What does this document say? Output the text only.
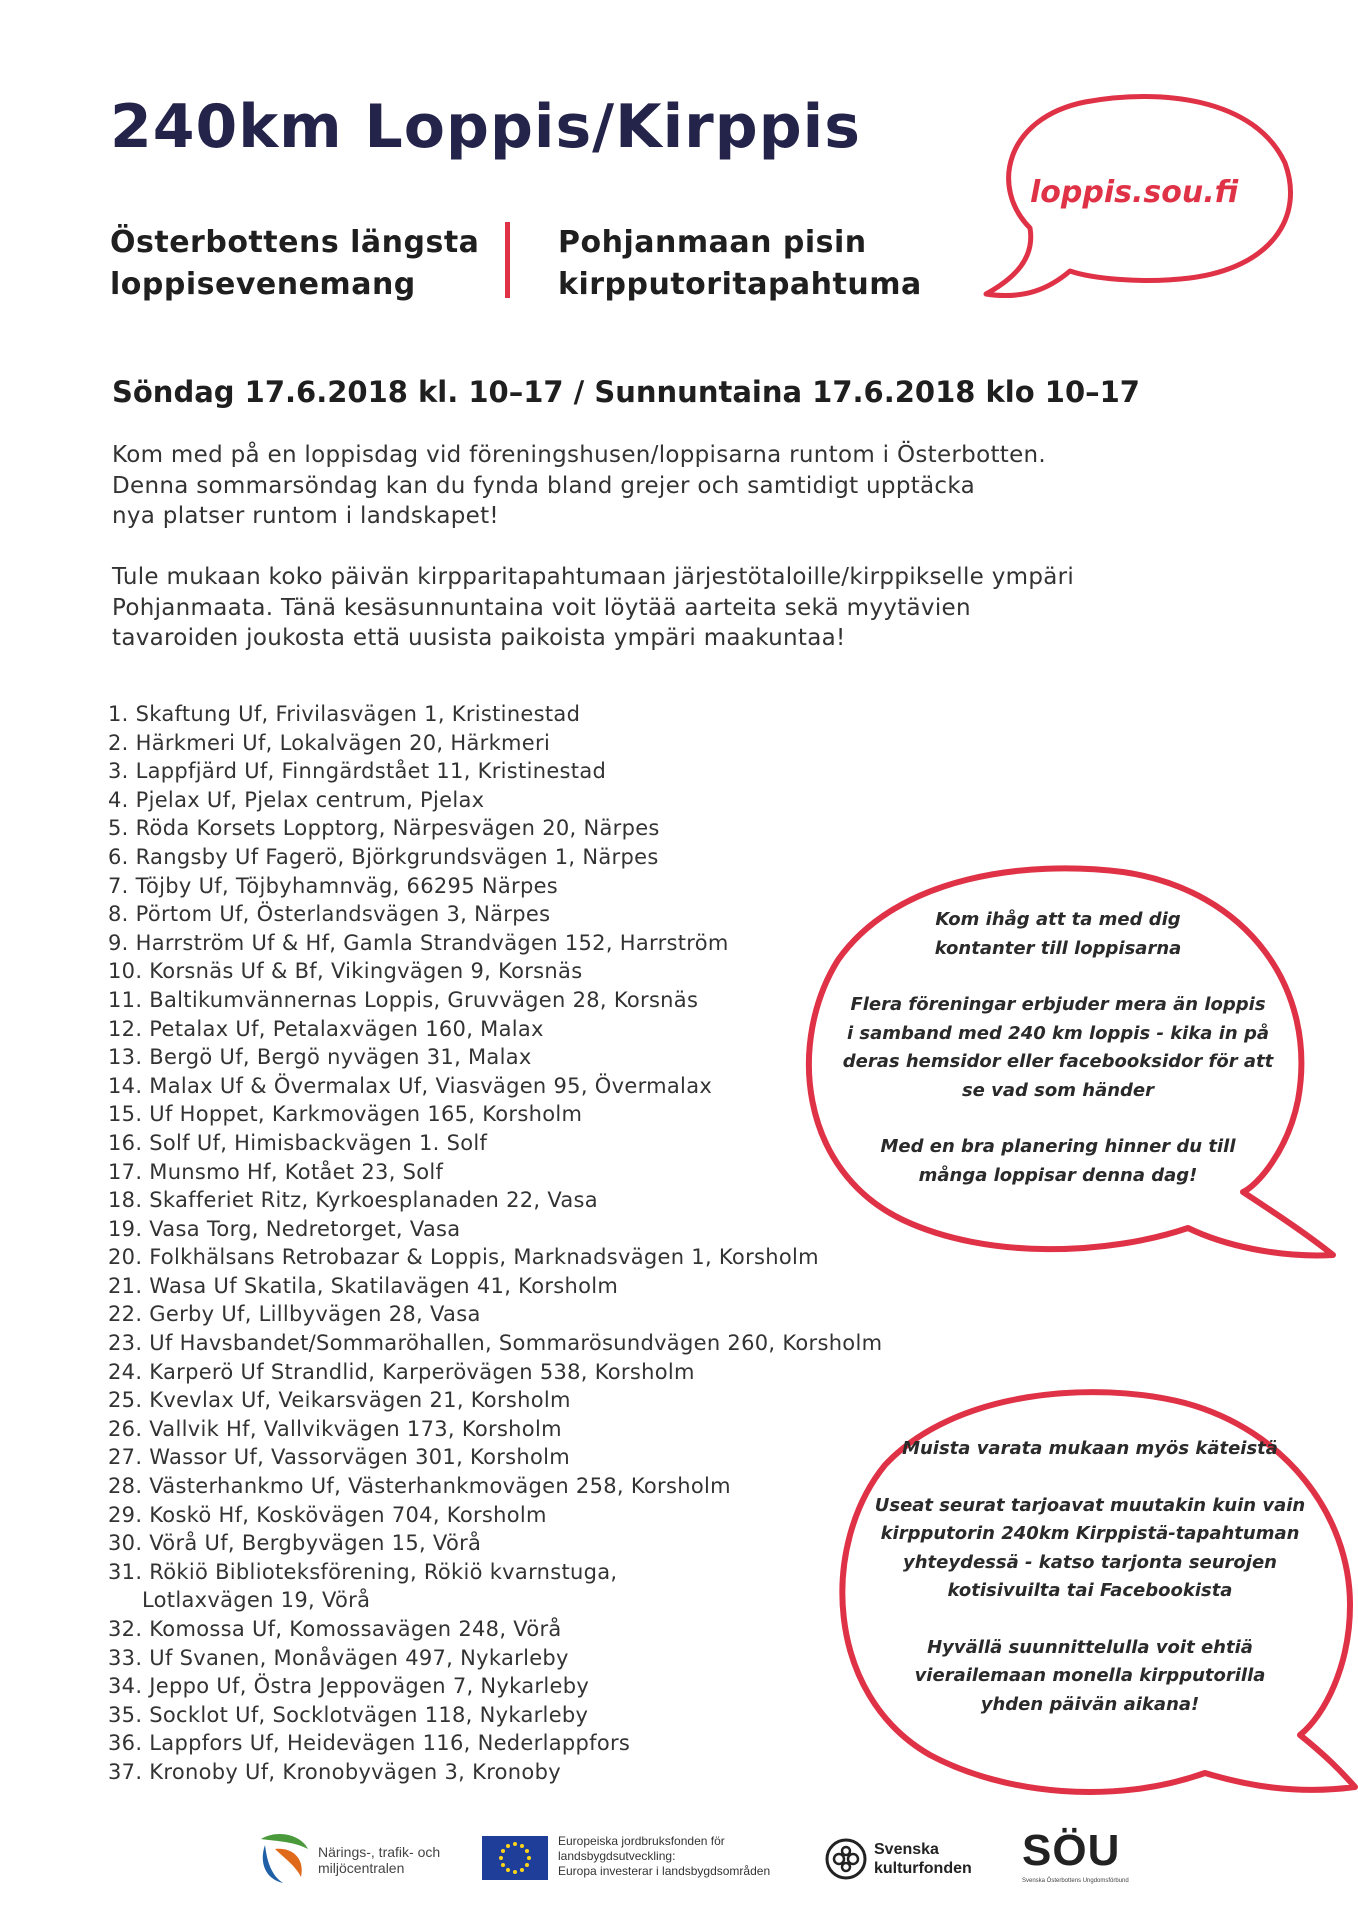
240km Loppis/Kirppis
Österbottens längsta
loppisevenemang
Pohjanmaan pisin
kirpputoritapahtuma
loppis.sou.fi

Söndag 17.6.2018 kl. 10–17 / Sunnuntaina 17.6.2018 klo 10–17

Kom med på en loppisdag vid föreningshusen/loppisarna runtom i Österbotten.
Denna sommarsöndag kan du fynda bland grejer och samtidigt upptäcka
nya platser runtom i landskapet!
Tule mukaan koko päivän kirpparitapahtumaan järjestötaloille/kirppikselle ympäri
Pohjanmaata. Tänä kesäsunnuntaina voit löytää aarteita sekä myytävien
tavaroiden joukosta että uusista paikoista ympäri maakuntaa!
1. Skaftung Uf, Frivilasvägen 1, Kristinestad
2. Härkmeri Uf, Lokalvägen 20, Härkmeri
3. Lappfjärd Uf, Finngärdstået 11, Kristinestad
4. Pjelax Uf, Pjelax centrum, Pjelax
5. Röda Korsets Lopptorg, Närpesvägen 20, Närpes
6. Rangsby Uf Fagerö, Björkgrundsvägen 1, Närpes
7. Töjby Uf, Töjbyhamnväg, 66295 Närpes
8. Pörtom Uf, Österlandsvägen 3, Närpes
9. Harrström Uf & Hf, Gamla Strandvägen 152, Harrström
10. Korsnäs Uf & Bf, Vikingvägen 9, Korsnäs
11. Baltikumvännernas Loppis, Gruvvägen 28, Korsnäs
12. Petalax Uf, Petalaxvägen 160, Malax
13. Bergö Uf, Bergö nyvägen 31, Malax
14. Malax Uf & Övermalax Uf, Viasvägen 95, Övermalax
15. Uf Hoppet, Karkmovägen 165, Korsholm
16. Solf Uf, Himisbackvägen 1. Solf
17. Munsmo Hf, Kotået 23, Solf
18. Skafferiet Ritz, Kyrkoesplanaden 22, Vasa
19. Vasa Torg, Nedretorget, Vasa
20. Folkhälsans Retrobazar & Loppis, Marknadsvägen 1, Korsholm
21. Wasa Uf Skatila, Skatilavägen 41, Korsholm
22. Gerby Uf, Lillbyvägen 28, Vasa
23. Uf Havsbandet/Sommaröhallen, Sommarösundvägen 260, Korsholm
24. Karperö Uf Strandlid, Karperövägen 538, Korsholm
25. Kvevlax Uf, Veikarsvägen 21, Korsholm
26. Vallvik Hf, Vallvikvägen 173, Korsholm
27. Wassor Uf, Vassorvägen 301, Korsholm
28. Västerhankmo Uf, Västerhankmovägen 258, Korsholm
29. Koskö Hf, Koskövägen 704, Korsholm
30. Vörå Uf, Bergbyvägen 15, Vörå
31. Rökiö Biblioteksförening, Rökiö kvarnstuga,
Lotlaxvägen 19, Vörå
32. Komossa Uf, Komossavägen 248, Vörå
33. Uf Svanen, Monåvägen 497, Nykarleby
34. Jeppo Uf, Östra Jeppovägen 7, Nykarleby
35. Socklot Uf, Socklotvägen 118, Nykarleby
36. Lappfors Uf, Heidevägen 116, Nederlappfors
37. Kronoby Uf, Kronobyvägen 3, Kronoby

Kom ihåg att ta med dig
kontanter till loppisarna

Flera föreningar erbjuder mera än loppis
i samband med 240 km loppis - kika in på
deras hemsidor eller facebooksidor för att
se vad som händer

Med en bra planering hinner du till
många loppisar denna dag!

Muista varata mukaan myös käteistä

Useat seurat tarjoavat muutakin kuin vain
kirpputorin 240km Kirppistä-tapahtuman
yhteydessä - katso tarjonta seurojen
kotisivuilta tai Facebookista

Hyvällä suunnittelulla voit ehtiä
vierailemaan monella kirpputorilla
yhden päivän aikana!

Närings-, trafik- och
miljöcentralen
Europeiska jordbruksfonden för
landsbygdsutveckling:
Europa investerar i landsbygdsområden
Svenska
kulturfonden SÖU
Svenska Österbottens Ungdomsförbund
